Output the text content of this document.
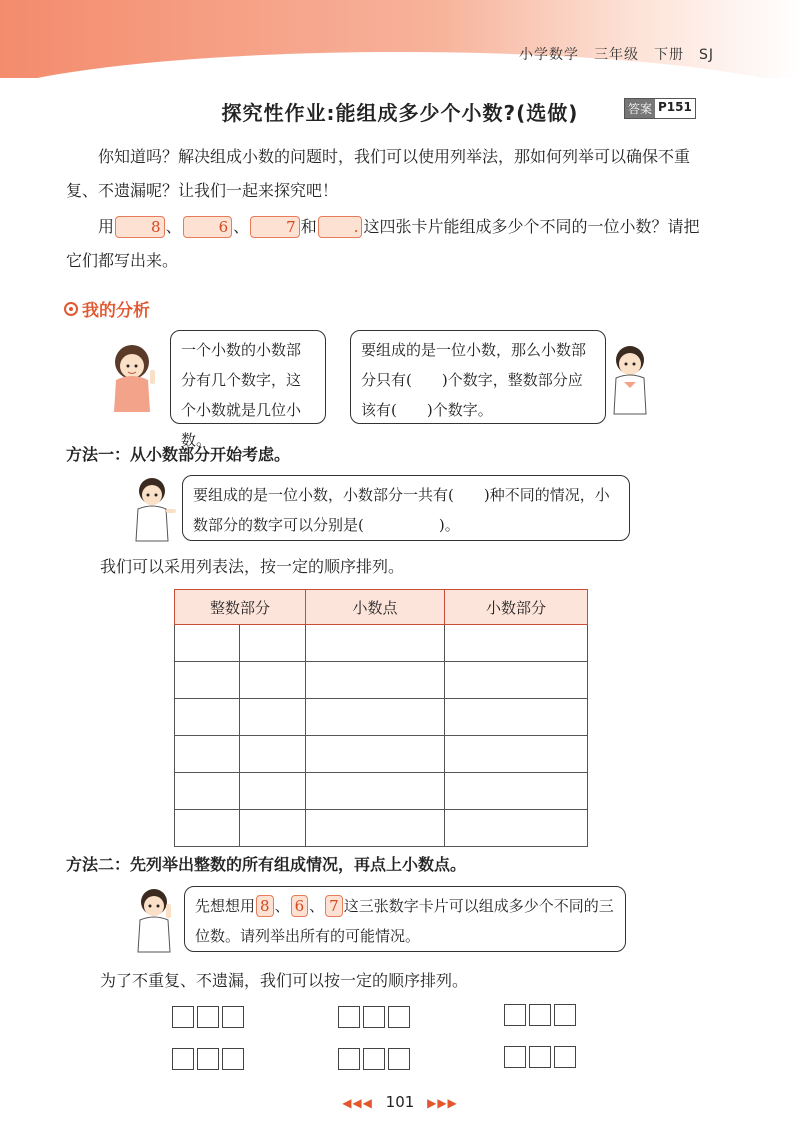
小学数学　三年级　下册　SJ
探究性作业:能组成多少个小数?(选做)	答案 P151
你知道吗？解决组成小数的问题时，我们可以使用列举法，那如何列举可以确保不重复、不遗漏呢？让我们一起来探究吧！
用 8 、 6 、 7 和 . 这四张卡片能组成多少个不同的一位小数？请把它们都写出来。
我的分析
一个小数的小数部分有几个数字，这个小数就是几位小数。
要组成的是一位小数，那么小数部分只有(　　)个数字，整数部分应该有(　　)个数字。
方法一：从小数部分开始考虑。
要组成的是一位小数，小数部分一共有(　　)种不同的情况，小数部分的数字可以分别是(　　　　　)。
我们可以采用列表法，按一定的顺序排列。
整数部分		小数点	小数部分

方法二：先列举出整数的所有组成情况，再点上小数点。
先想想用 8 、 6 、 7 这三张数字卡片可以组成多少个不同的三位数。请列举出所有的可能情况。
为了不重复、不遗漏，我们可以按一定的顺序排列。
◀◀◀ 101 ▶▶▶
